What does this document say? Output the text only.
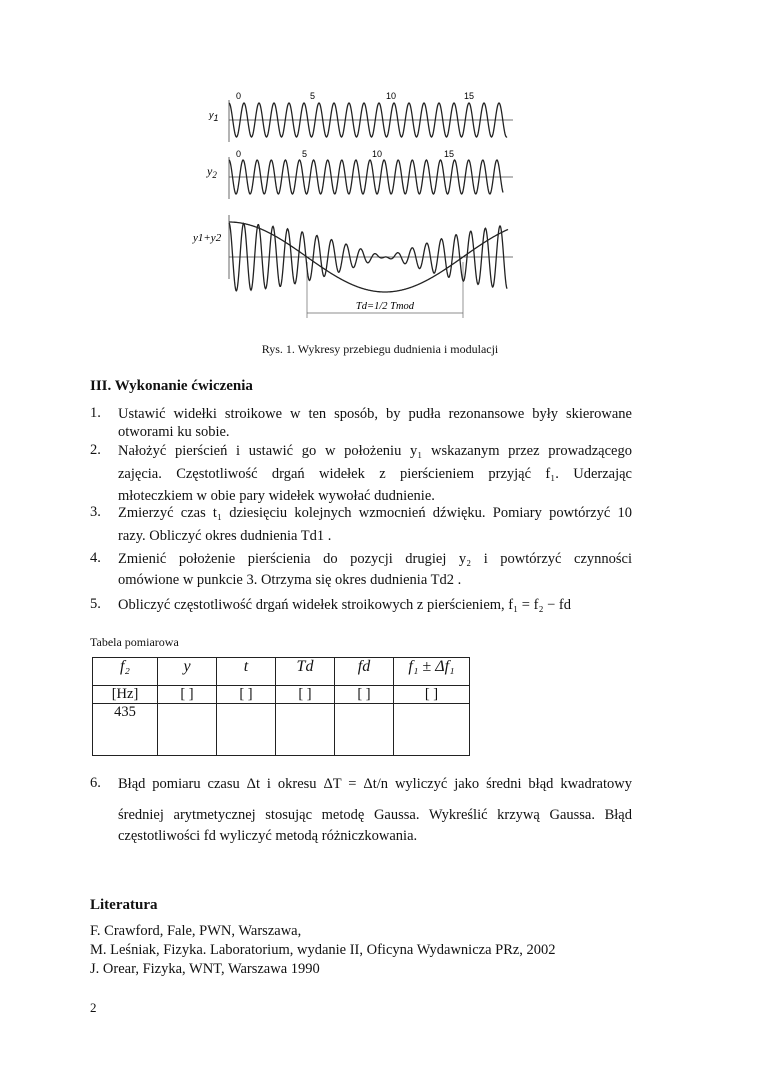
y1
$y_2$
y1+y2
0	5	10	15
0	5	10	15
Td=1/2 Tmod
Rys. 1. Wykresy przebiegu dudnienia i modulacji
III. Wykonanie ćwiczenia
1. Ustawić widełki stroikowe w ten sposób, by pudła rezonansowe były skierowane
otworami ku sobie.
2. Nałożyć pierścień i ustawić go w położeniu y₁ wskazanym przez prowadzącego
zajęcia. Częstotliwość drgań widełek z pierścieniem przyjąć f₁. Uderzając
młoteczkiem w obie pary widełek wywołać dudnienie.
3. Zmierzyć czas t₁ dziesięciu kolejnych wzmocnień dźwięku. Pomiary powtórzyć 10
razy. Obliczyć okres dudnienia Td1 .
4. Zmienić położenie pierścienia do pozycji drugiej y₂ i powtórzyć czynności
omówione w punkcie 3. Otrzyma się okres dudnienia Td2 .
5. Obliczyć częstotliwość drgań widełek stroikowych z pierścieniem, f₁ = f₂ − fd
6. Błąd pomiaru czasu Δt i okresu ΔT = Δt/n wyliczyć jako średni błąd kwadratowy
średniej arytmetycznej stosując metodę Gaussa. Wykreślić krzywą Gaussa. Błąd
częstotliwości fd wyliczyć metodą różniczkowania.
Tabela pomiarowa
f₂	y	t	Td	fd	f₁ ± Δf₁
[Hz]	[ ]	[ ]	[ ]	[ ]	[ ]
435					
Literatura
F. Crawford, Fale, PWN, Warszawa,
M. Leśniak, Fizyka. Laboratorium, wydanie II, Oficyna Wydawnicza PRz, 2002
J. Orear, Fizyka, WNT, Warszawa 1990
2
